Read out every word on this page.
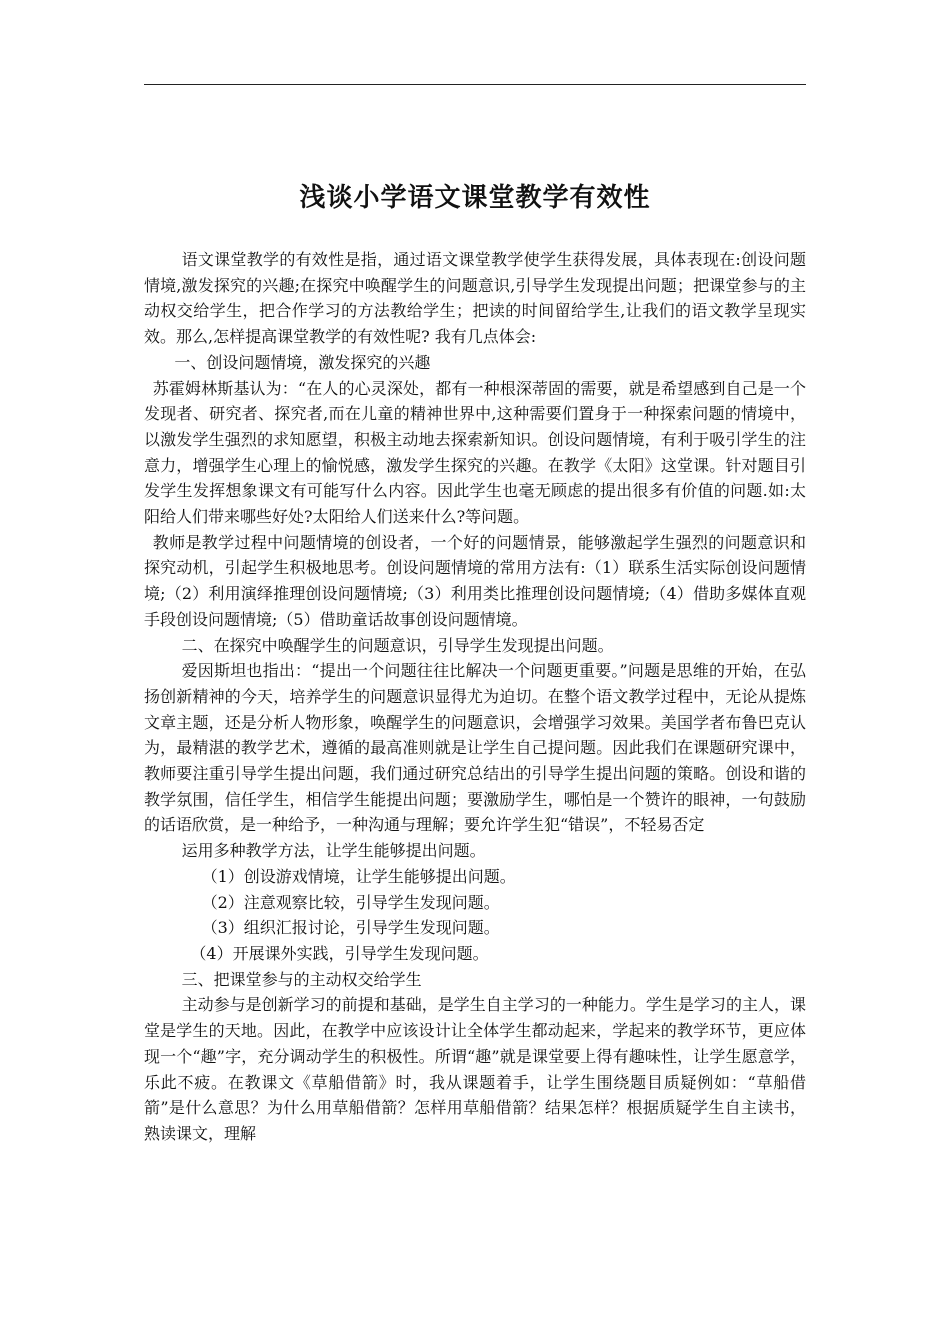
浅谈小学语文课堂教学有效性

语文课堂教学的有效性是指，通过语文课堂教学使学生获得发展，具体表现在:创设问题情境,激发探究的兴趣;在探究中唤醒学生的问题意识,引导学生发现提出问题；把课堂参与的主动权交给学生，把合作学习的方法教给学生；把读的时间留给学生,让我们的语文教学呈现实效。那么,怎样提高课堂教学的有效性呢? 我有几点体会:

一、创设问题情境，激发探究的兴趣

苏霍姆林斯基认为：“在人的心灵深处，都有一种根深蒂固的需要，就是希望感到自己是一个发现者、研究者、探究者,而在儿童的精神世界中,这种需要们置身于一种探索问题的情境中，以激发学生强烈的求知愿望，积极主动地去探索新知识。创设问题情境，有利于吸引学生的注意力，增强学生心理上的愉悦感，激发学生探究的兴趣。在教学《太阳》这堂课。针对题目引发学生发挥想象课文有可能写什么内容。因此学生也毫无顾虑的提出很多有价值的问题.如:太阳给人们带来哪些好处?太阳给人们送来什么?等问题。

教师是教学过程中问题情境的创设者，一个好的问题情景，能够激起学生强烈的问题意识和探究动机，引起学生积极地思考。创设问题情境的常用方法有:（1）联系生活实际创设问题情境;（2）利用演绎推理创设问题情境;（3）利用类比推理创设问题情境;（4）借助多媒体直观手段创设问题情境;（5）借助童话故事创设问题情境。

二、在探究中唤醒学生的问题意识，引导学生发现提出问题。

爱因斯坦也指出：“提出一个问题往往比解决一个问题更重要。”问题是思维的开始，在弘扬创新精神的今天，培养学生的问题意识显得尤为迫切。在整个语文教学过程中，无论从提炼文章主题，还是分析人物形象，唤醒学生的问题意识，会增强学习效果。美国学者布鲁巴克认为，最精湛的教学艺术，遵循的最高准则就是让学生自己提问题。因此我们在课题研究课中，教师要注重引导学生提出问题，我们通过研究总结出的引导学生提出问题的策略。创设和谐的教学氛围，信任学生，相信学生能提出问题；要激励学生，哪怕是一个赞许的眼神，一句鼓励的话语欣赏，是一种给予，一种沟通与理解；要允许学生犯“错误”，不轻易否定

运用多种教学方法，让学生能够提出问题。

（1）创设游戏情境，让学生能够提出问题。

（2）注意观察比较，引导学生发现问题。

（3）组织汇报讨论，引导学生发现问题。

（4）开展课外实践，引导学生发现问题。

三、把课堂参与的主动权交给学生

主动参与是创新学习的前提和基础，是学生自主学习的一种能力。学生是学习的主人，课堂是学生的天地。因此，在教学中应该设计让全体学生都动起来，学起来的教学环节，更应体现一个“趣”字，充分调动学生的积极性。所谓“趣”就是课堂要上得有趣味性，让学生愿意学，乐此不疲。在教课文《草船借箭》时，我从课题着手，让学生围绕题目质疑例如：“草船借箭”是什么意思？为什么用草船借箭？怎样用草船借箭？结果怎样？根据质疑学生自主读书，熟读课文，理解
